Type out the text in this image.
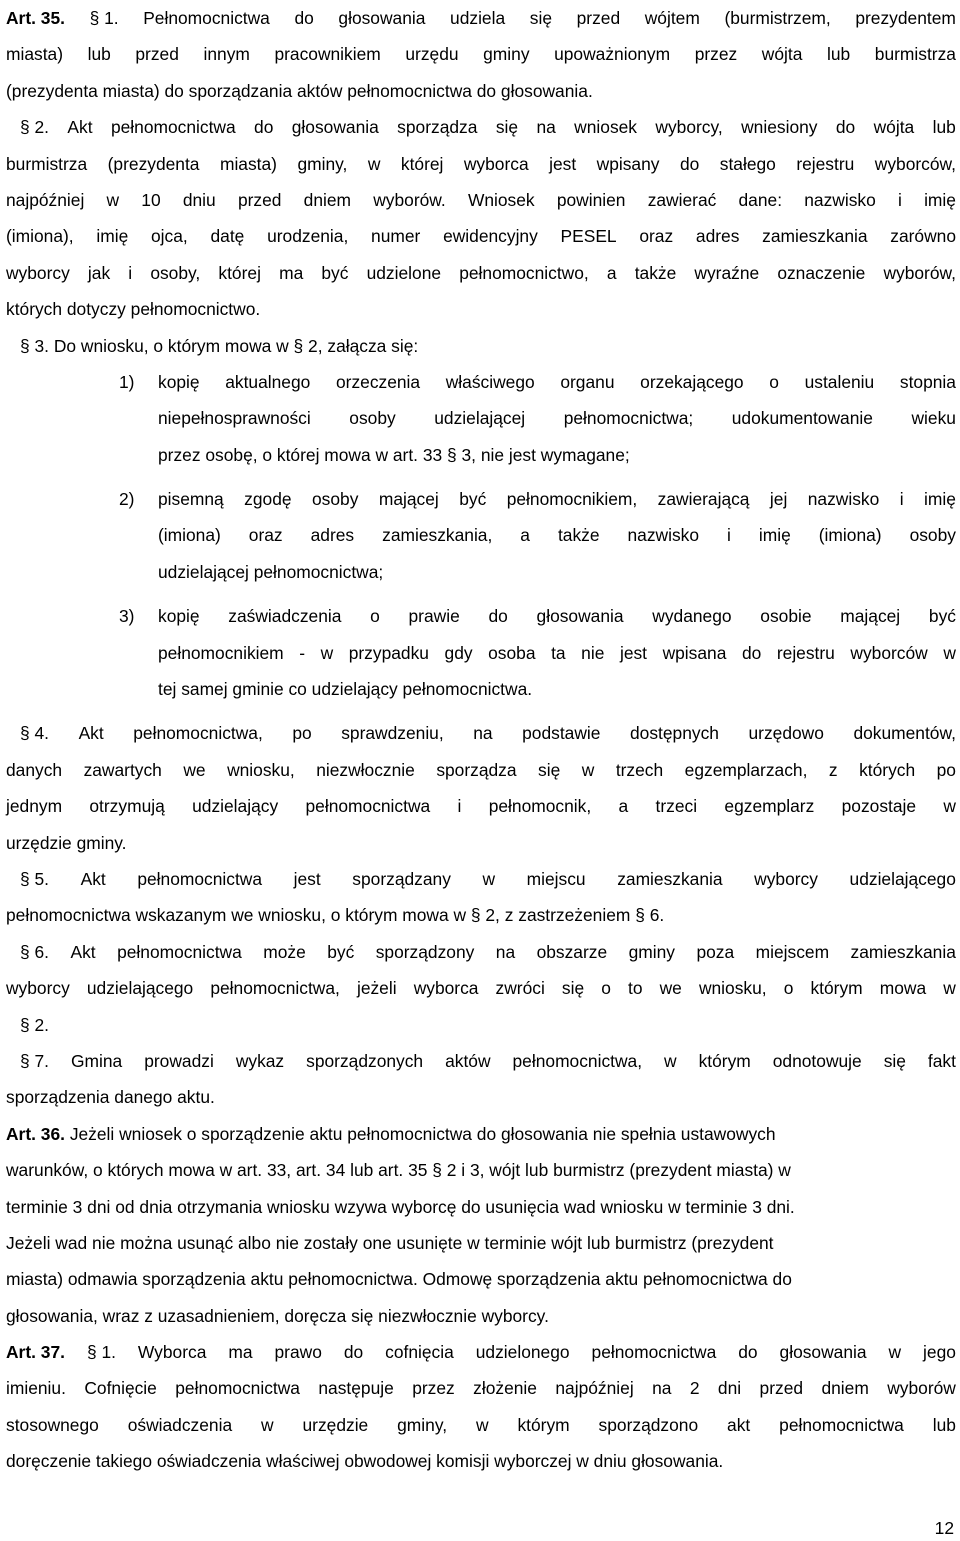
Art. 35. § 1. Pełnomocnictwa do głosowania udziela się przed wójtem (burmistrzem, prezydentem
miasta) lub przed innym pracownikiem urzędu gminy upoważnionym przez wójta lub burmistrza
(prezydenta miasta) do sporządzania aktów pełnomocnictwa do głosowania.
§ 2. Akt pełnomocnictwa do głosowania sporządza się na wniosek wyborcy, wniesiony do wójta lub
burmistrza (prezydenta miasta) gminy, w której wyborca jest wpisany do stałego rejestru wyborców,
najpóźniej w 10 dniu przed dniem wyborów. Wniosek powinien zawierać dane: nazwisko i imię
(imiona), imię ojca, datę urodzenia, numer ewidencyjny PESEL oraz adres zamieszkania zarówno
wyborcy jak i osoby, której ma być udzielone pełnomocnictwo, a także wyraźne oznaczenie wyborów,
których dotyczy pełnomocnictwo.
§ 3. Do wniosku, o którym mowa w § 2, załącza się:
1) kopię aktualnego orzeczenia właściwego organu orzekającego o ustaleniu stopnia
niepełnosprawności osoby udzielającej pełnomocnictwa; udokumentowanie wieku
przez osobę, o której mowa w art. 33 § 3, nie jest wymagane;
2) pisemną zgodę osoby mającej być pełnomocnikiem, zawierającą jej nazwisko i imię
(imiona) oraz adres zamieszkania, a także nazwisko i imię (imiona) osoby
udzielającej pełnomocnictwa;
3) kopię zaświadczenia o prawie do głosowania wydanego osobie mającej być
pełnomocnikiem - w przypadku gdy osoba ta nie jest wpisana do rejestru wyborców w
tej samej gminie co udzielający pełnomocnictwa.
§ 4. Akt pełnomocnictwa, po sprawdzeniu, na podstawie dostępnych urzędowo dokumentów,
danych zawartych we wniosku, niezwłocznie sporządza się w trzech egzemplarzach, z których po
jednym otrzymują udzielający pełnomocnictwa i pełnomocnik, a trzeci egzemplarz pozostaje w
urzędzie gminy.
§ 5. Akt pełnomocnictwa jest sporządzany w miejscu zamieszkania wyborcy udzielającego
pełnomocnictwa wskazanym we wniosku, o którym mowa w § 2, z zastrzeżeniem § 6.
§ 6. Akt pełnomocnictwa może być sporządzony na obszarze gminy poza miejscem zamieszkania
wyborcy udzielającego pełnomocnictwa, jeżeli wyborca zwróci się o to we wniosku, o którym mowa w
§ 2.
§ 7. Gmina prowadzi wykaz sporządzonych aktów pełnomocnictwa, w którym odnotowuje się fakt
sporządzenia danego aktu.
Art. 36. Jeżeli wniosek o sporządzenie aktu pełnomocnictwa do głosowania nie spełnia ustawowych
warunków, o których mowa w art. 33, art. 34 lub art. 35 § 2 i 3, wójt lub burmistrz (prezydent miasta) w
terminie 3 dni od dnia otrzymania wniosku wzywa wyborcę do usunięcia wad wniosku w terminie 3 dni.
Jeżeli wad nie można usunąć albo nie zostały one usunięte w terminie wójt lub burmistrz (prezydent
miasta) odmawia sporządzenia aktu pełnomocnictwa. Odmowę sporządzenia aktu pełnomocnictwa do
głosowania, wraz z uzasadnieniem, doręcza się niezwłocznie wyborcy.
Art. 37. § 1. Wyborca ma prawo do cofnięcia udzielonego pełnomocnictwa do głosowania w jego
imieniu. Cofnięcie pełnomocnictwa następuje przez złożenie najpóźniej na 2 dni przed dniem wyborów
stosownego oświadczenia w urzędzie gminy, w którym sporządzono akt pełnomocnictwa lub
doręczenie takiego oświadczenia właściwej obwodowej komisji wyborczej w dniu głosowania.
12
